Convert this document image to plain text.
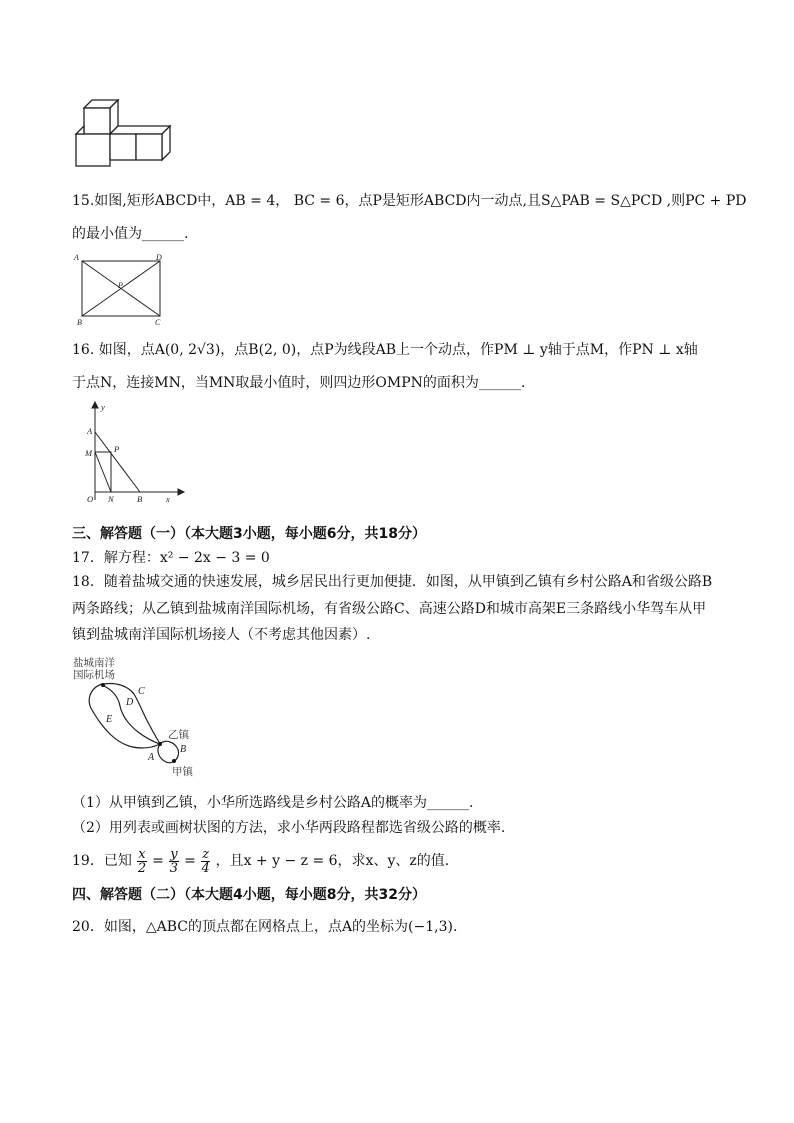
15.如图,矩形ABCD中，AB = 4， BC = 6，点P是矩形ABCD内一动点,且S△PAB = S△PCD ,则PC + PD
的最小值为______.
A	D
P
B	C
16. 如图，点A(0, 2√3)，点B(2, 0)，点P为线段AB上一个动点，作PM ⊥ y轴于点M，作PN ⊥ x轴
于点N，连接MN，当MN取最小值时，则四边形OMPN的面积为______.
y
x
A
M	P
O N	B
三、解答题（一）（本大题3小题，每小题6分，共18分）
17．解方程：x² − 2x − 3 = 0
18．随着盐城交通的快速发展，城乡居民出行更加便捷．如图，从甲镇到乙镇有乡村公路A和省级公路B
两条路线；从乙镇到盐城南洋国际机场，有省级公路C、高速公路D和城市高架E三条路线小华驾车从甲
镇到盐城南洋国际机场接人（不考虑其他因素）.
盐城南洋
国际机场
C
D
E
B
A
乙镇
甲镇
（1）从甲镇到乙镇，小华所选路线是乡村公路A的概率为______.
（2）用列表或画树状图的方法，求小华两段路程都选省级公路的概率.
19．已知 $\frac{x}{2} = \frac{y}{3} = \frac{z}{4}$ ，且x + y − z = 6，求x、y、z的值.
四、解答题（二）（本大题4小题，每小题8分，共32分）
20．如图，△ABC的顶点都在网格点上，点A的坐标为(−1,3).
